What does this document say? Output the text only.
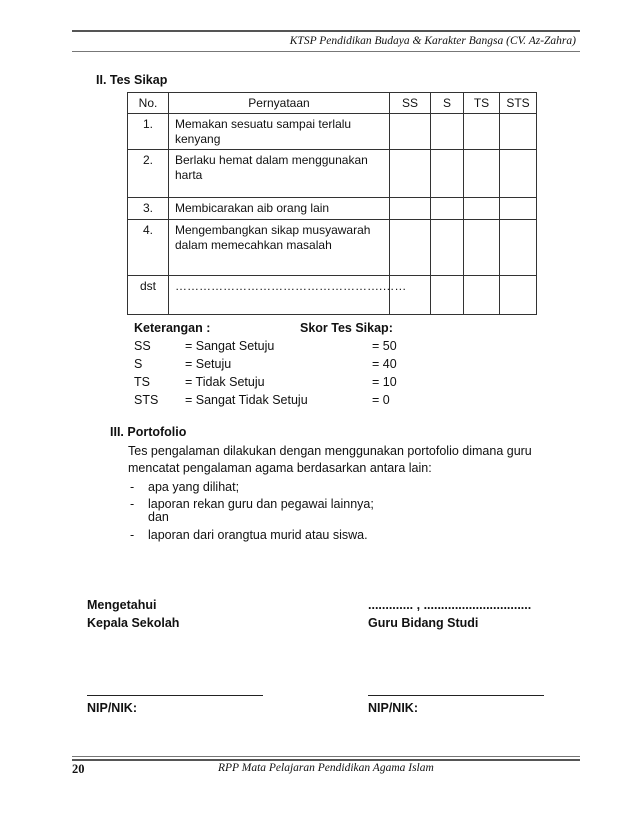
KTSP Pendidikan Budaya & Karakter Bangsa (CV. Az-Zahra)
II. Tes Sikap
No.	Pernyataan	SS	S	TS	STS
1.	Memakan sesuatu sampai terlalu kenyang				
2.	Berlaku hemat dalam menggunakan harta				
3.	Membicarakan aib orang lain				
4.	Mengembangkan sikap musyawarah dalam memecahkan masalah				
dst	…………………………………………….……				
Keterangan :	Skor Tes Sikap:
SS	= Sangat Setuju	= 50
S	= Setuju	= 40
TS	= Tidak Setuju	= 10
STS = Sangat Tidak Setuju	= 0
III. Portofolio
Tes pengalaman dilakukan dengan menggunakan portofolio dimana guru mencatat pengalaman agama berdasarkan antara lain:
- apa yang dilihat;
- laporan rekan guru dan pegawai lainnya;
dan
- laporan dari orangtua murid atau siswa.
Mengetahui
Kepala Sekolah
............. , ...............................
Guru Bidang Studi
NIP/NIK:	NIP/NIK:
20	RPP Mata Pelajaran Pendidikan Agama Islam
